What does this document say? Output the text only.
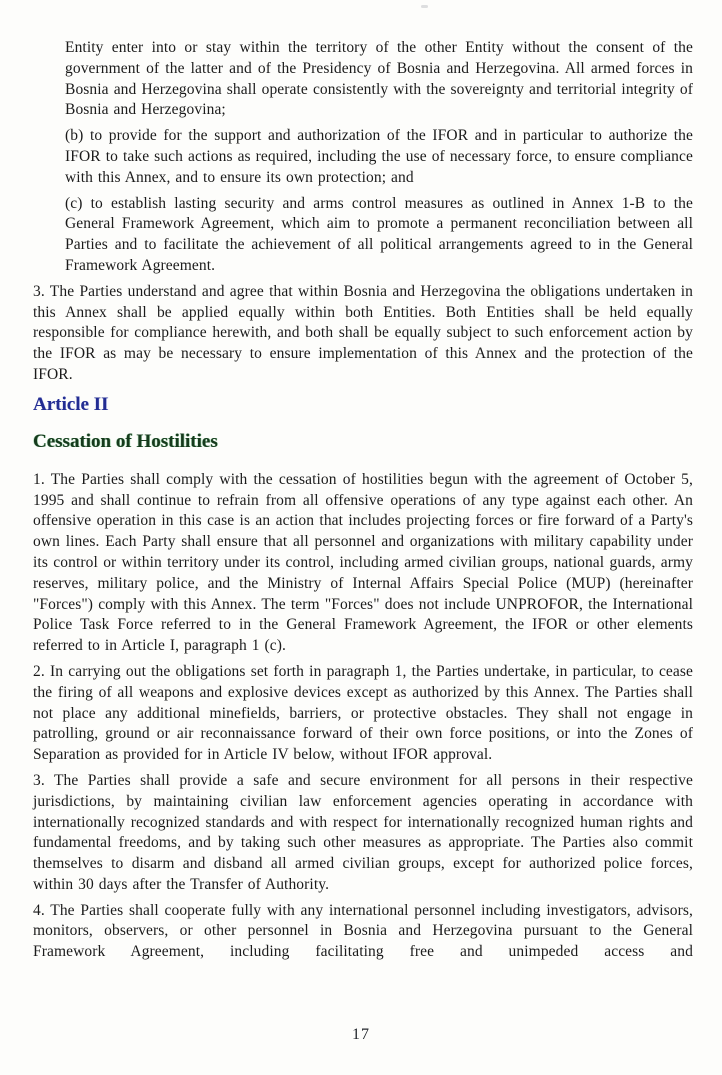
Entity enter into or stay within the territory of the other Entity without the consent of the government of the latter and of the Presidency of Bosnia and Herzegovina. All armed forces in Bosnia and Herzegovina shall operate consistently with the sovereignty and territorial integrity of Bosnia and Herzegovina;

(b) to provide for the support and authorization of the IFOR and in particular to authorize the IFOR to take such actions as required, including the use of necessary force, to ensure compliance with this Annex, and to ensure its own protection; and

(c) to establish lasting security and arms control measures as outlined in Annex 1-B to the General Framework Agreement, which aim to promote a permanent reconciliation between all Parties and to facilitate the achievement of all political arrangements agreed to in the General Framework Agreement.

3. The Parties understand and agree that within Bosnia and Herzegovina the obligations undertaken in this Annex shall be applied equally within both Entities. Both Entities shall be held equally responsible for compliance herewith, and both shall be equally subject to such enforcement action by the IFOR as may be necessary to ensure implementation of this Annex and the protection of the IFOR.

Article II
Cessation of Hostilities

1. The Parties shall comply with the cessation of hostilities begun with the agreement of October 5, 1995 and shall continue to refrain from all offensive operations of any type against each other. An offensive operation in this case is an action that includes projecting forces or fire forward of a Party's own lines. Each Party shall ensure that all personnel and organizations with military capability under its control or within territory under its control, including armed civilian groups, national guards, army reserves, military police, and the Ministry of Internal Affairs Special Police (MUP) (hereinafter "Forces") comply with this Annex. The term "Forces" does not include UNPROFOR, the International Police Task Force referred to in the General Framework Agreement, the IFOR or other elements referred to in Article I, paragraph 1 (c).

2. In carrying out the obligations set forth in paragraph 1, the Parties undertake, in particular, to cease the firing of all weapons and explosive devices except as authorized by this Annex. The Parties shall not place any additional minefields, barriers, or protective obstacles. They shall not engage in patrolling, ground or air reconnaissance forward of their own force positions, or into the Zones of Separation as provided for in Article IV below, without IFOR approval.

3. The Parties shall provide a safe and secure environment for all persons in their respective jurisdictions, by maintaining civilian law enforcement agencies operating in accordance with internationally recognized standards and with respect for internationally recognized human rights and fundamental freedoms, and by taking such other measures as appropriate. The Parties also commit themselves to disarm and disband all armed civilian groups, except for authorized police forces, within 30 days after the Transfer of Authority.

4. The Parties shall cooperate fully with any international personnel including investigators, advisors, monitors, observers, or other personnel in Bosnia and Herzegovina pursuant to the General Framework Agreement, including facilitating free and unimpeded access and

17
